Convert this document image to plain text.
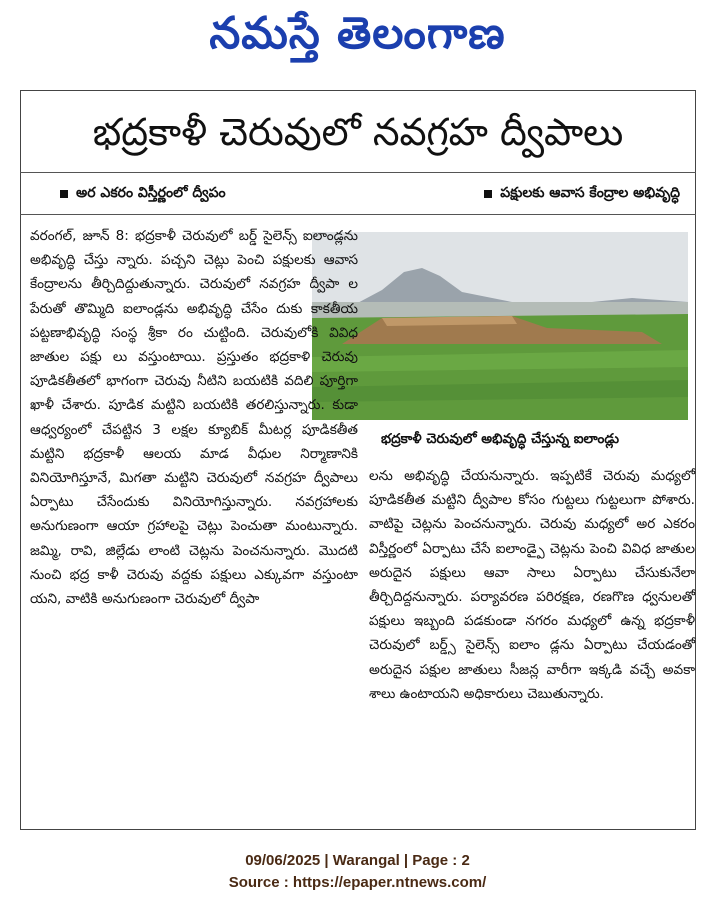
నమస్తే తెలంగాణ
భద్రకాళీ చెరువులో నవగ్రహ ద్వీపాలు
అర ఎకరం విస్తీర్ణంలో ద్వీపం	పక్షులకు ఆవాస కేంద్రాల అభివృద్ధి
భద్రకాళీ చెరువులో అభివృద్ధి చేస్తున్న ఐలాండ్లు

వరంగల్, జూన్ 8: భద్రకాళీ చెరువులో బర్డ్ సైలెన్స్ ఐలాండ్లను అభివృద్ధి చేస్తు న్నారు. పచ్చని చెట్లు పెంచి పక్షులకు ఆవాస కేంద్రాలను తీర్చిదిద్దుతున్నారు. చెరువులో నవగ్రహ ద్వీపా ల పేరుతో తొమ్మిది ఐలాండ్లను అభివృద్ధి చేసేం దుకు కాకతీయ పట్టణాభివృద్ధి సంస్థ శ్రీకా రం చుట్టింది. చెరువులోకి వివిధ జాతుల పక్షు లు వస్తుంటాయి. ప్రస్తుతం భద్రకాళి చెరువు పూడికతీతలో భాగంగా చెరువు నీటిని బయటికి వదిలి పూర్తిగా ఖాళీ చేశారు. పూడిక మట్టిని బయటికి తరలిస్తున్నారు. కుడా ఆధ్వర్యంలో చేపట్టిన 3 లక్షల క్యూబిక్ మీటర్ల పూడికతీత మట్టిని భద్రకాళీ ఆలయ మాడ వీధుల నిర్మాణానికి వినియోగిస్తూనే, మిగతా మట్టిని చెరువులో నవగ్రహ ద్వీపాలు ఏర్పాటు చేసేందుకు వినియోగిస్తున్నారు. నవగ్రహాలకు అనుగుణంగా ఆయా గ్రహాలపై చెట్లు పెంచుతా మంటున్నారు. జమ్మి, రావి, జిల్లేడు లాంటి చెట్లను పెంచనున్నారు. మొదటి నుంచి భద్ర కాళీ చెరువు వద్దకు పక్షులు ఎక్కువగా వస్తుంటా యని, వాటికి అనుగుణంగా చెరువులో ద్వీపా

లను అభివృద్ధి చేయనున్నారు. ఇప్పటికే చెరువు మధ్యలో పూడికతీత మట్టిని ద్వీపాల కోసం గుట్టలు గుట్టలుగా పోశారు. వాటిపై చెట్లను పెంచనున్నారు. చెరువు మధ్యలో అర ఎకరం విస్తీర్ణంలో ఏర్పాటు చేసే ఐలాండ్పై చెట్లను పెంచి వివిధ జాతుల అరుదైన పక్షులు ఆవా సాలు ఏర్పాటు చేసుకునేలా తీర్చిదిద్దనున్నారు. పర్యావరణ పరిరక్షణ, రణగొణ ధ్వనులతో పక్షులు ఇబ్బంది పడకుండా నగరం మధ్యలో ఉన్న భద్రకాళీ చెరువులో బర్డ్స్ సైలెన్స్ ఐలాం డ్లను ఏర్పాటు చేయడంతో అరుదైన పక్షుల జాతులు సీజన్ల వారీగా ఇక్కడి వచ్చే అవకా శాలు ఉంటాయని అధికారులు చెబుతున్నారు.

09/06/2025 | Warangal | Page : 2
Source : https://epaper.ntnews.com/
